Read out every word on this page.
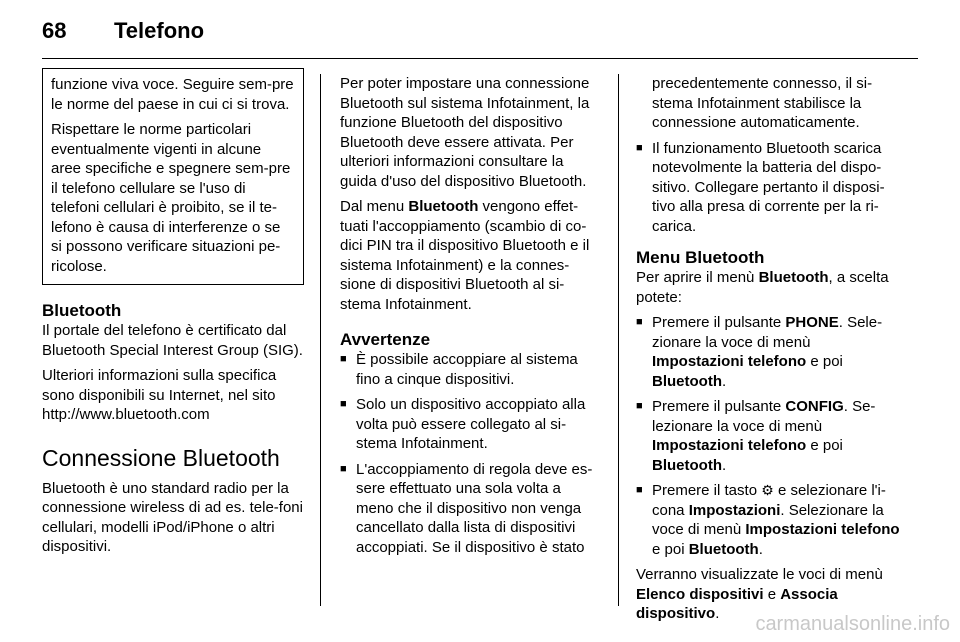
68 Telefono

funzione viva voce. Seguire sem-pre le norme del paese in cui ci si trova.

Rispettare le norme particolari eventualmente vigenti in alcune aree specifiche e spegnere sem-pre il telefono cellulare se l'uso di telefoni cellulari è proibito, se il te-lefono è causa di interferenze o se si possono verificare situazioni pe-ricolose.

Bluetooth

Il portale del telefono è certificato dal Bluetooth Special Interest Group (SIG).

Ulteriori informazioni sulla specifica sono disponibili su Internet, nel sito http://www.bluetooth.com

Connessione Bluetooth

Bluetooth è uno standard radio per la connessione wireless di ad es. tele-foni cellulari, modelli iPod/iPhone o altri dispositivi.

Per poter impostare una connessione Bluetooth sul sistema Infotainment, la funzione Bluetooth del dispositivo Bluetooth deve essere attivata. Per ulteriori informazioni consultare la guida d'uso del dispositivo Bluetooth.

Dal menu Bluetooth vengono effet-tuati l'accoppiamento (scambio di co-dici PIN tra il dispositivo Bluetooth e il sistema Infotainment) e la connes-sione di dispositivi Bluetooth al si-stema Infotainment.

Avvertenze
■ È possibile accoppiare al sistema fino a cinque dispositivi.
■ Solo un dispositivo accoppiato alla volta può essere collegato al si-stema Infotainment.
■ L'accoppiamento di regola deve es-sere effettuato una sola volta a meno che il dispositivo non venga cancellato dalla lista di dispositivi accoppiati. Se il dispositivo è stato

precedentemente connesso, il si-stema Infotainment stabilisce la connessione automaticamente.

■ Il funzionamento Bluetooth scarica notevolmente la batteria del dispo-sitivo. Collegare pertanto il disposi-tivo alla presa di corrente per la ri-carica.
Menu Bluetooth

Per aprire il menù Bluetooth, a scelta potete:

■ Premere il pulsante PHONE. Sele-zionare la voce di menù Impostazioni telefono e poi Bluetooth.
■ Premere il pulsante CONFIG. Se-lezionare la voce di menù Impostazioni telefono e poi Bluetooth.
■ Premere il tasto ⚙ e selezionare l'i-cona Impostazioni. Selezionare la voce di menù Impostazioni telefono e poi Bluetooth.

Verranno visualizzate le voci di menù Elenco dispositivi e Associa dispositivo.	carmanualsonline.info
